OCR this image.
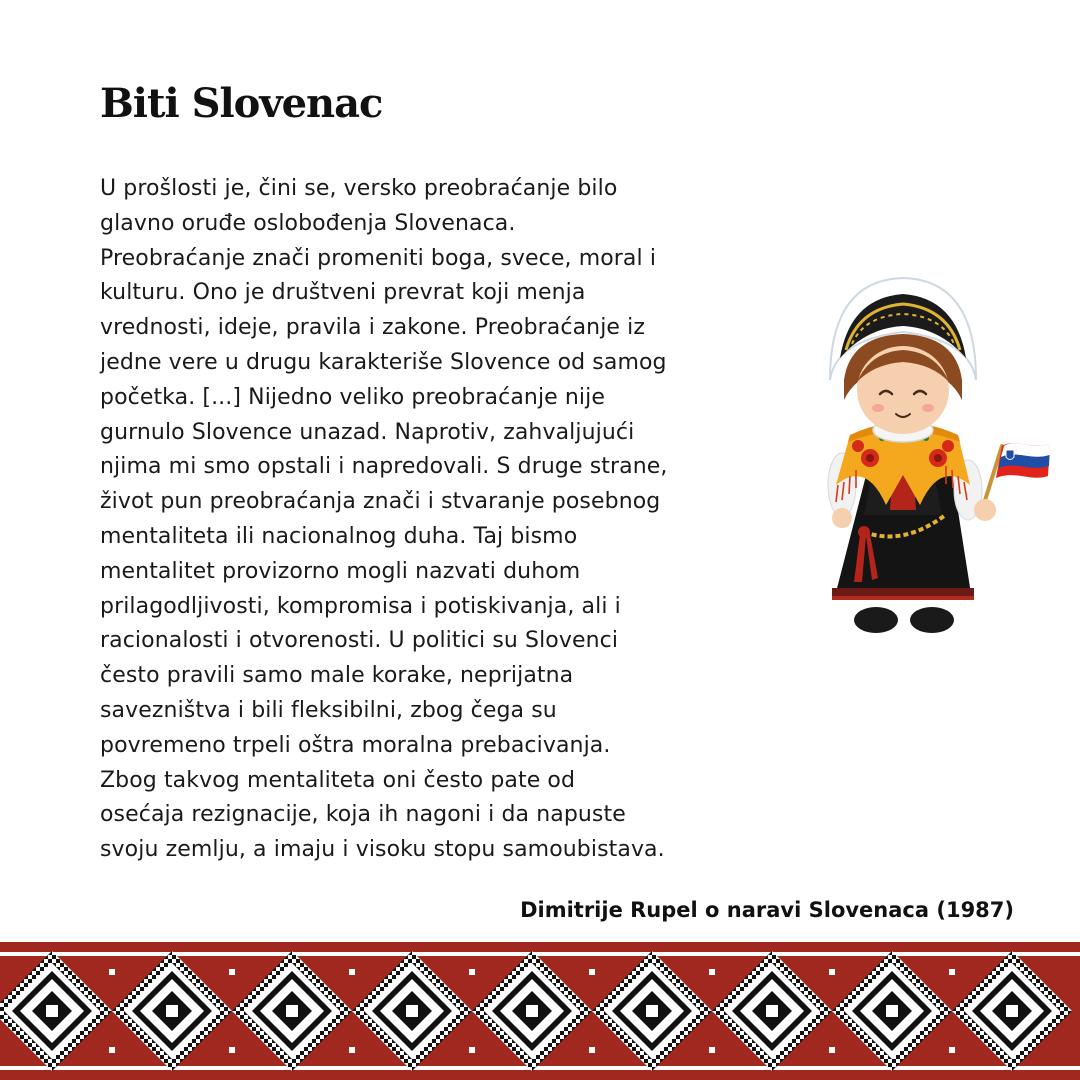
Biti Slovenac
U prošlosti je, čini se, versko preobraćanje bilo
glavno oruđe oslobođenja Slovenaca.
Preobraćanje znači promeniti boga, svece, moral i
kulturu. Ono je društveni prevrat koji menja
vrednosti, ideje, pravila i zakone. Preobraćanje iz
jedne vere u drugu karakteriše Slovence od samog
početka. [...] Nijedno veliko preobraćanje nije
gurnulo Slovence unazad. Naprotiv, zahvaljujući
njima mi smo opstali i napredovali. S druge strane,
život pun preobraćanja znači i stvaranje posebnog
mentaliteta ili nacionalnog duha. Taj bismo
mentalitet provizorno mogli nazvati duhom
prilagodljivosti, kompromisa i potiskivanja, ali i
racionalosti i otvorenosti. U politici su Slovenci
često pravili samo male korake, neprijatna
savezništva i bili fleksibilni, zbog čega su
povremeno trpeli oštra moralna prebacivanja.
Zbog takvog mentaliteta oni često pate od
osećaja rezignacije, koja ih nagoni i da napuste
svoju zemlju, a imaju i visoku stopu samoubistava.
Dimitrije Rupel o naravi Slovenaca (1987)
